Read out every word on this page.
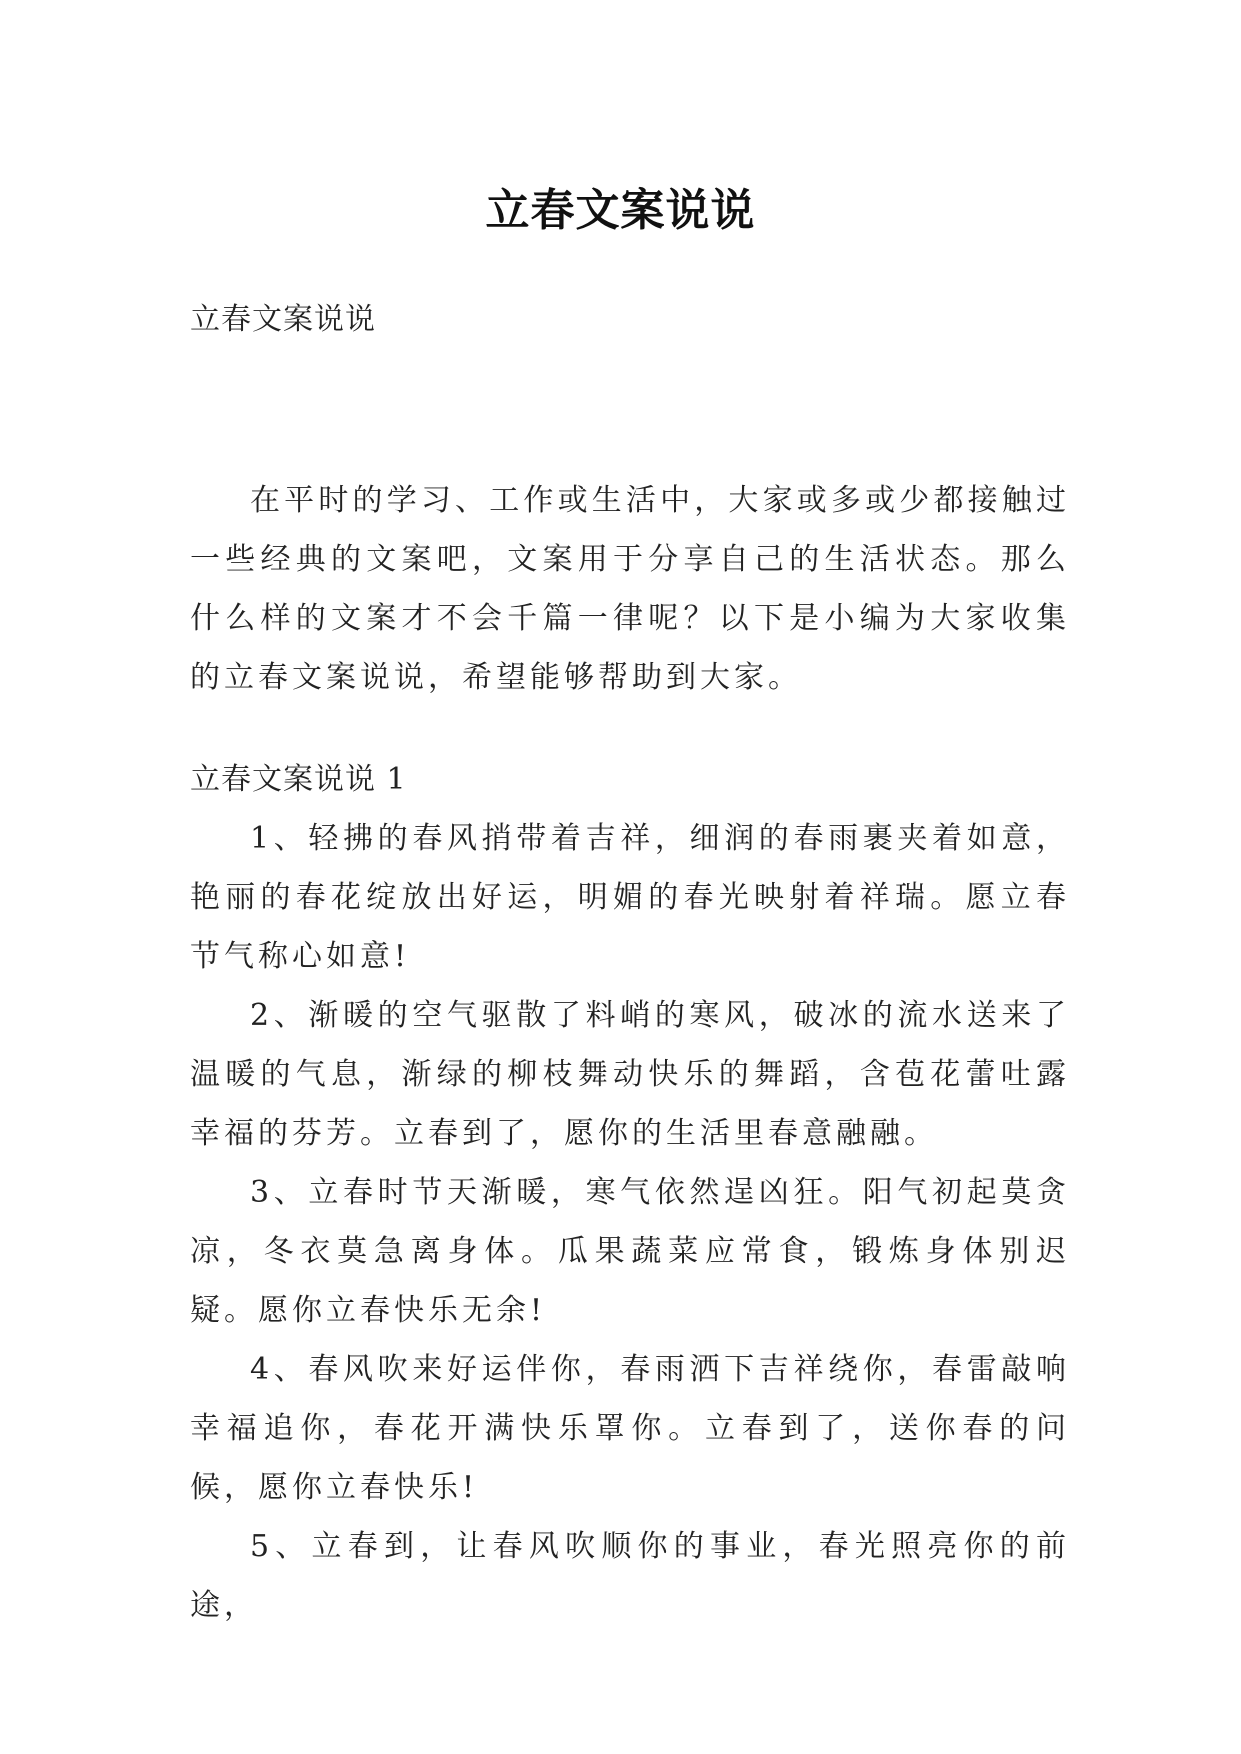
立春文案说说

立春文案说说

在平时的学习、工作或生活中，大家或多或少都接触过一些经典的文案吧，文案用于分享自己的生活状态。那么什么样的文案才不会千篇一律呢？以下是小编为大家收集的立春文案说说，希望能够帮助到大家。

立春文案说说 1

1、轻拂的春风捎带着吉祥，细润的春雨裹夹着如意，艳丽的春花绽放出好运，明媚的春光映射着祥瑞。愿立春节气称心如意!

2、渐暖的空气驱散了料峭的寒风，破冰的流水送来了温暖的气息，渐绿的柳枝舞动快乐的舞蹈，含苞花蕾吐露幸福的芬芳。立春到了，愿你的生活里春意融融。

3、立春时节天渐暖，寒气依然逞凶狂。阳气初起莫贪凉，冬衣莫急离身体。瓜果蔬菜应常食，锻炼身体别迟疑。愿你立春快乐无余!

4、春风吹来好运伴你，春雨洒下吉祥绕你，春雷敲响幸福追你，春花开满快乐罩你。立春到了，送你春的问候，愿你立春快乐!

5、立春到，让春风吹顺你的事业，春光照亮你的前途，
